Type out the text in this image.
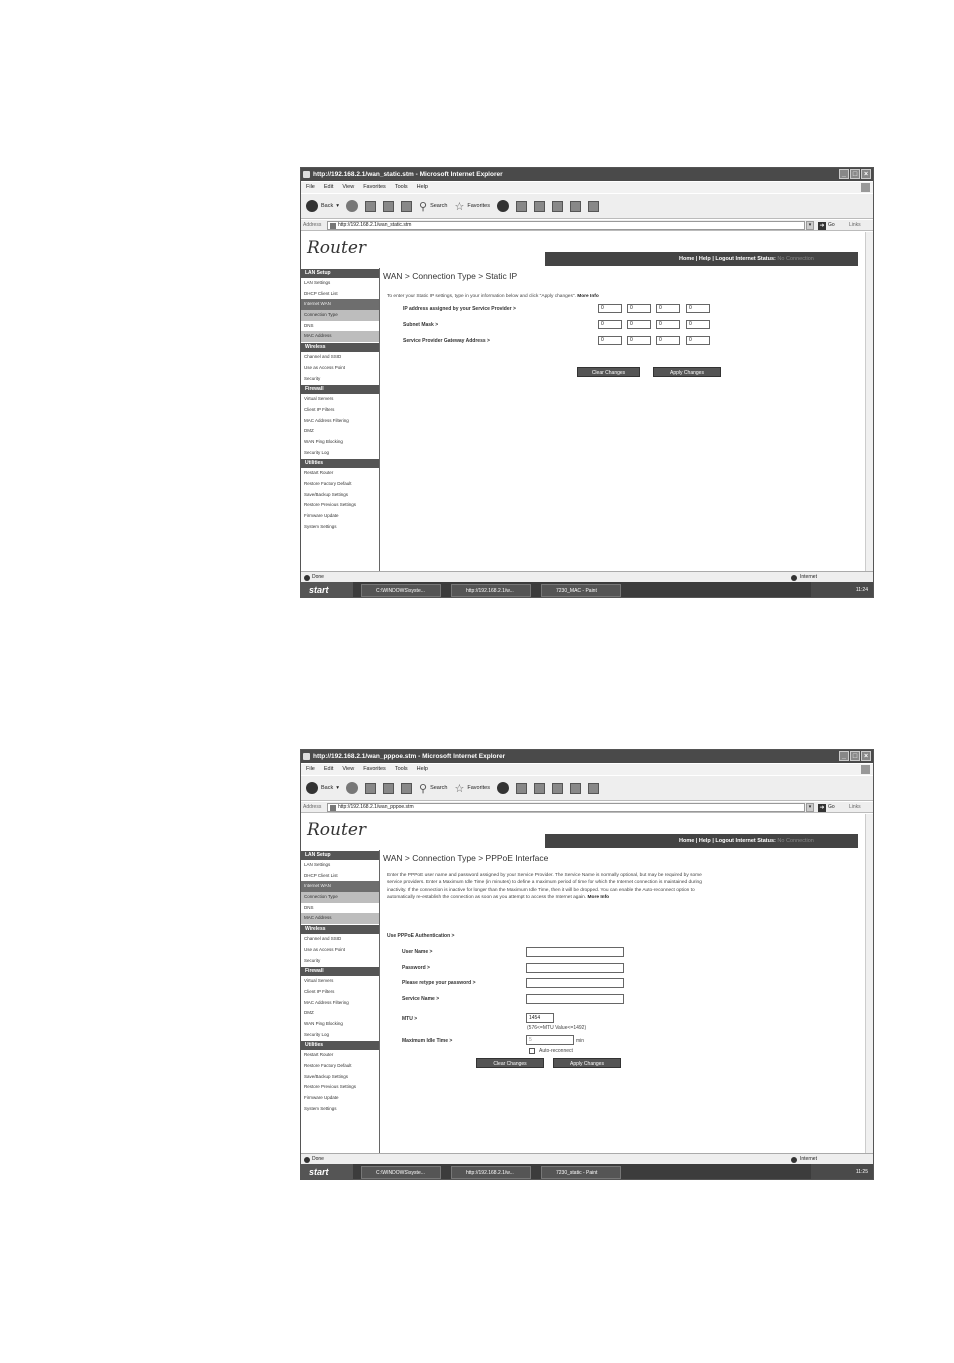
http://192.168.2.1/wan_static.stm - Microsoft Internet Explorer	_ □ ×
File Edit View Favorites Tools Help
Back ▾	⚲ Search ☆ Favorites
Address	http://192.168.2.1/wan_static.stm	▾	➜ Go	Links
Router
Home | Help | Logout Internet Status: No Connection
LAN Setup
LAN Settings
DHCP Client List
Internet WAN
Connection Type
DNS
MAC Address
Wireless
Channel and SSID
Use as Access Point
Security
Firewall
Virtual Servers
Client IP Filters
MAC Address Filtering
DMZ
WAN Ping Blocking
Security Log
Utilities
Restart Router
Restore Factory Default
Save/Backup Settings
Restore Previous Settings
Firmware Update
System Settings
WAN > Connection Type > Static IP
To enter your Static IP settings, type in your information below and click "Apply changes". More Info
IP address assigned by your Service Provider >	0	0	0	0
Subnet Mask >	0	0	0	0
Service Provider Gateway Address >	0	0	0	0
Clear Changes	Apply Changes
Done	Internet
start	C:\WINDOWS\syste...	http://192.168.2.1/w...	7230_MAC - Paint	11:24
http://192.168.2.1/wan_pppoe.stm - Microsoft Internet Explorer	_ □ ×
File Edit View Favorites Tools Help
Back ▾	⚲ Search ☆ Favorites
Address	http://192.168.2.1/wan_pppoe.stm	▾	➜ Go	Links
Router
Home | Help | Logout Internet Status: No Connection
LAN Setup
LAN Settings
DHCP Client List
Internet WAN
Connection Type
DNS
MAC Address
Wireless
Channel and SSID
Use as Access Point
Security
Firewall
Virtual Servers
Client IP Filters
MAC Address Filtering
DMZ
WAN Ping Blocking
Security Log
Utilities
Restart Router
Restore Factory Default
Save/Backup Settings
Restore Previous Settings
Firmware Update
System Settings
WAN > Connection Type > PPPoE Interface
Enter the PPPoE user name and password assigned by your Service Provider. The Service Name is normally optional, but may be required by some service providers. Enter a Maximum Idle Time (in minutes) to define a maximum period of time for which the Internet connection is maintained during inactivity. If the connection is inactive for longer than the Maximum Idle Time, then it will be dropped. You can enable the Auto-reconnect option to automatically re-establish the connection as soon as you attempt to access the Internet again. More Info
Use PPPoE Authentication >
User Name >
Password >
Please retype your password >
Service Name >
MTU >	1454
(576<=MTU Value<=1492)
Maximum Idle Time >	5	min
Auto-reconnect
Clear Changes	Apply Changes
Done	Internet
start	C:\WINDOWS\syste...	http://192.168.2.1/w...	7230_static - Paint	11:25
